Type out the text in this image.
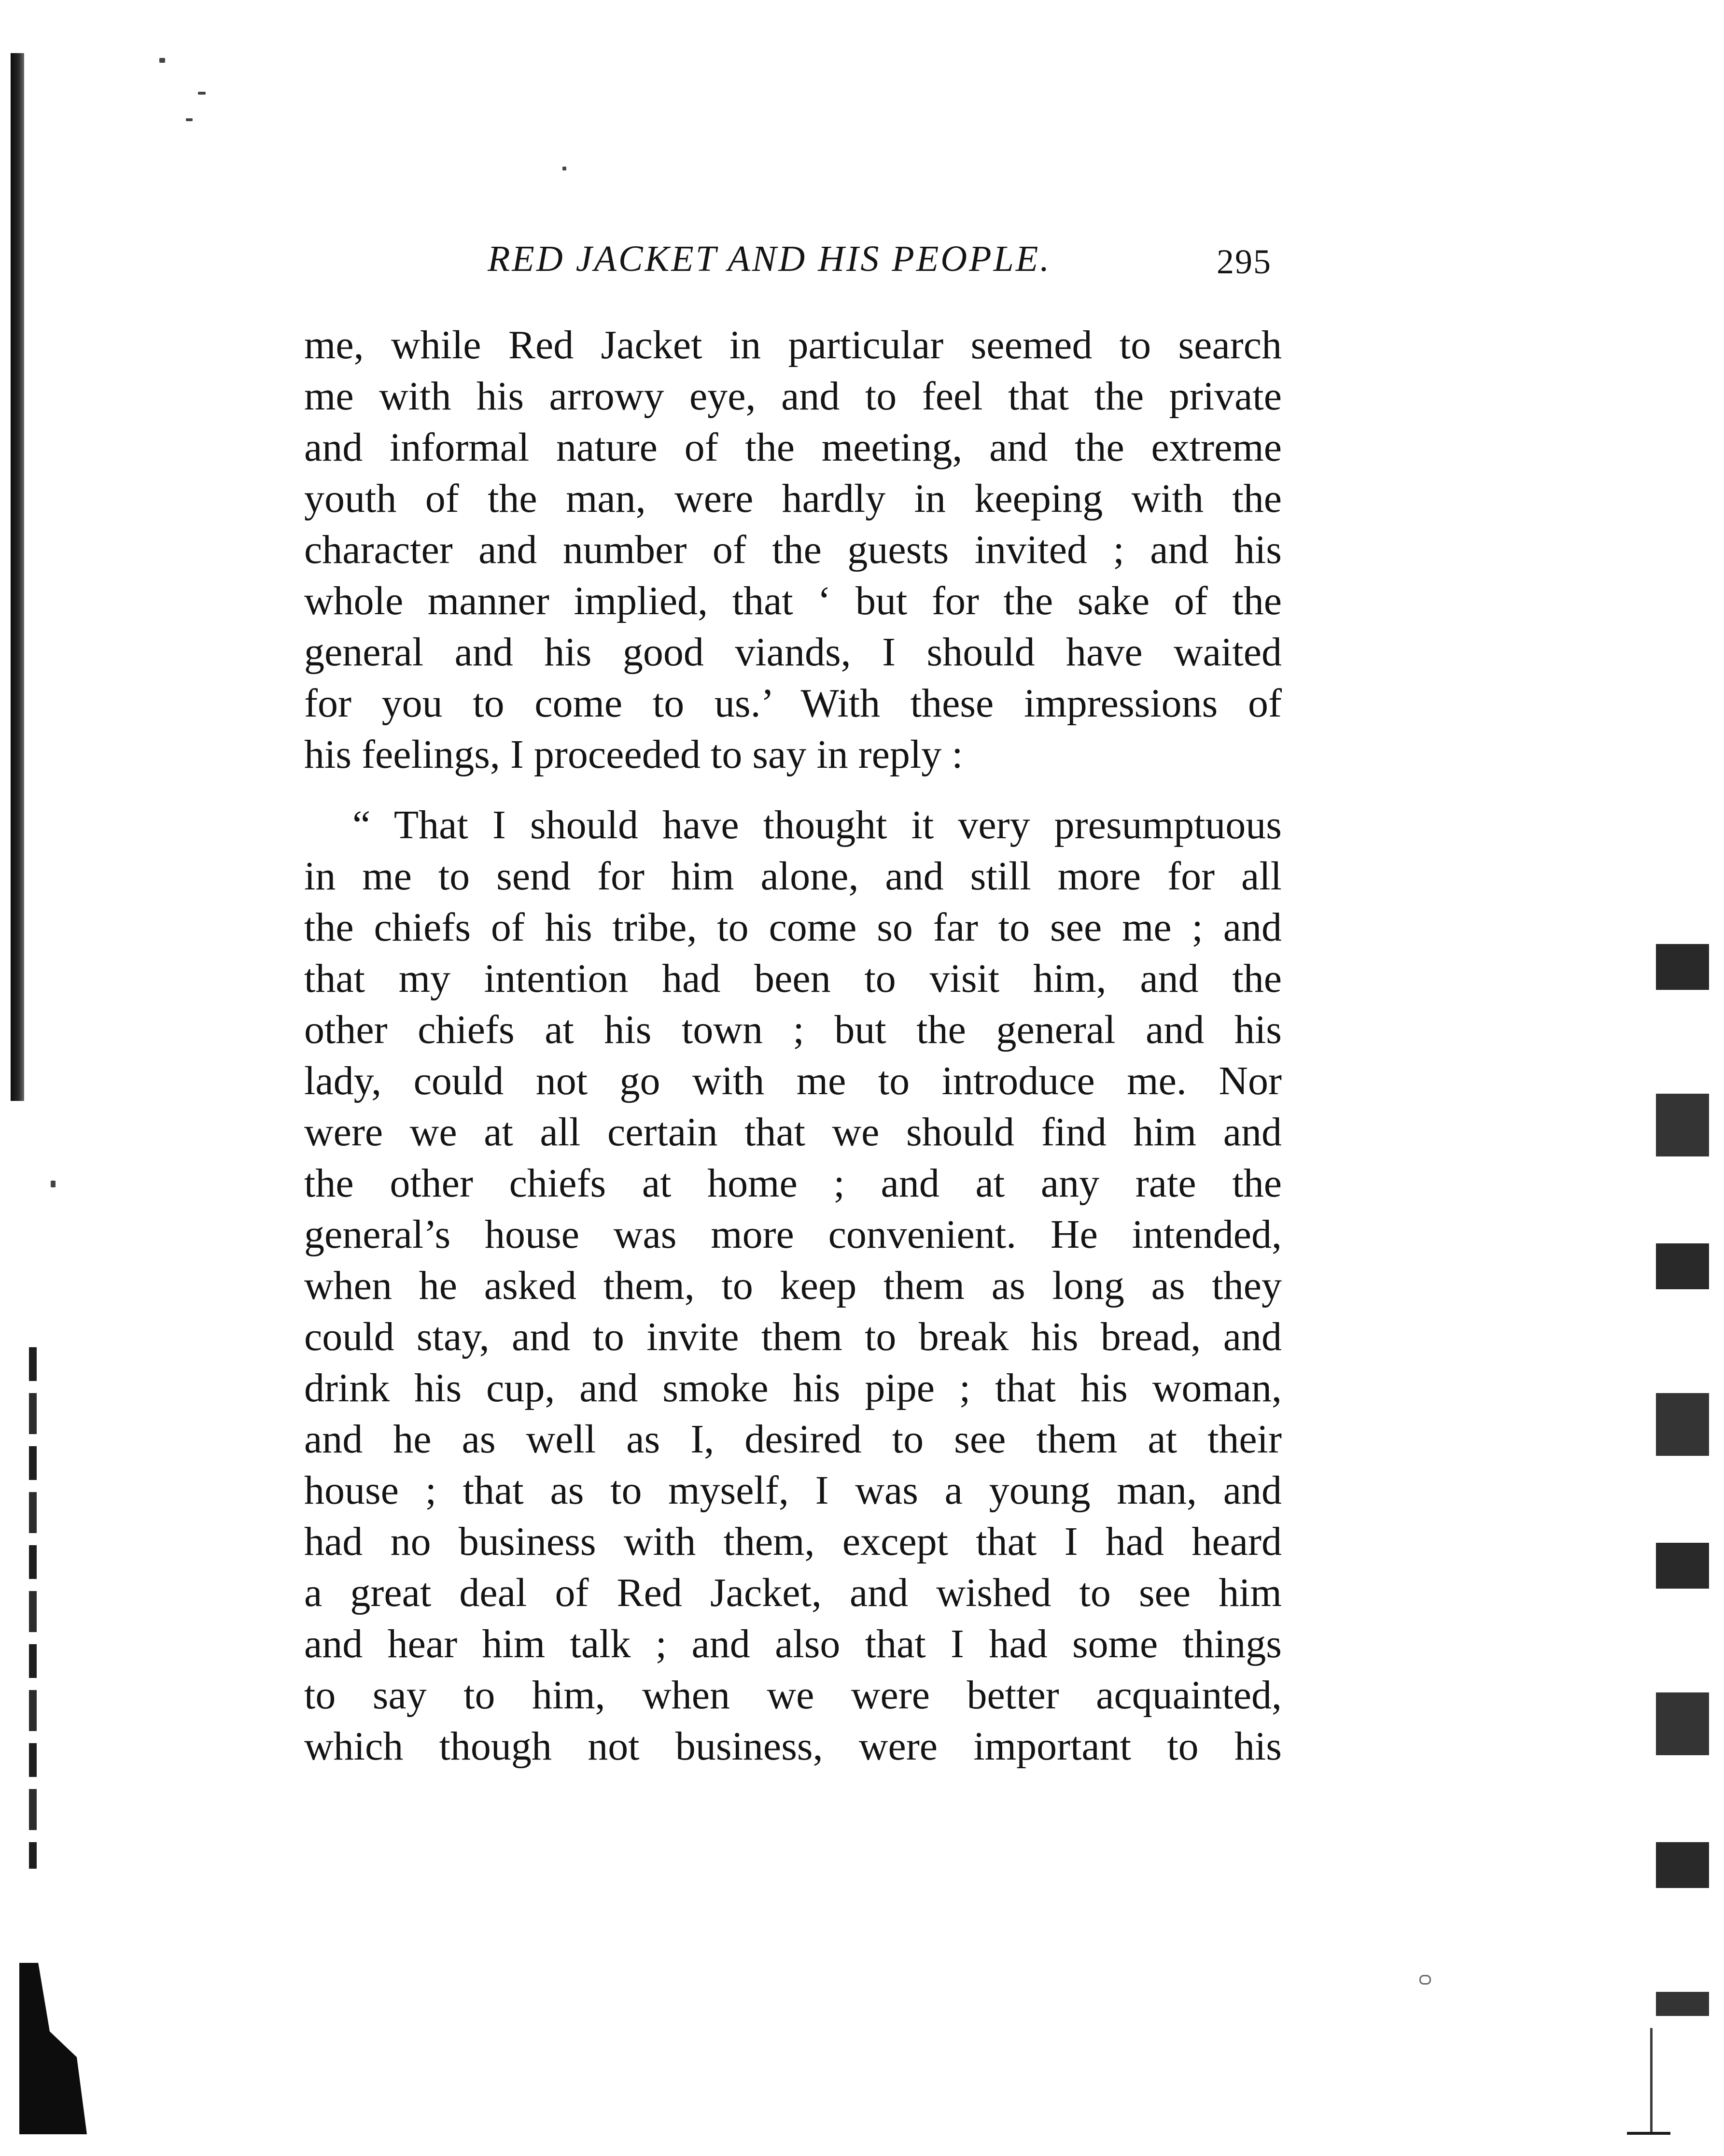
RED JACKET AND HIS PEOPLE.	295
me, while Red Jacket in particular seemed to search
me with his arrowy eye, and to feel that the private
and informal nature of the meeting, and the extreme
youth of the man, were hardly in keeping with the
character and number of the guests invited ; and his
whole manner implied, that ‘ but for the sake of the
general and his good viands, I should have waited
for you to come to us.’ With these impressions of
his feelings, I proceeded to say in reply :
“ That I should have thought it very presumptuous
in me to send for him alone, and still more for all
the chiefs of his tribe, to come so far to see me ; and
that my intention had been to visit him, and the
other chiefs at his town ; but the general and his
lady, could not go with me to introduce me. Nor
were we at all certain that we should find him and
the other chiefs at home ; and at any rate the
general’s house was more convenient. He intended,
when he asked them, to keep them as long as they
could stay, and to invite them to break his bread, and
drink his cup, and smoke his pipe ; that his woman,
and he as well as I, desired to see them at their
house ; that as to myself, I was a young man, and
had no business with them, except that I had heard
a great deal of Red Jacket, and wished to see him
and hear him talk ; and also that I had some things
to say to him, when we were better acquainted,
which though not business, were important to his
